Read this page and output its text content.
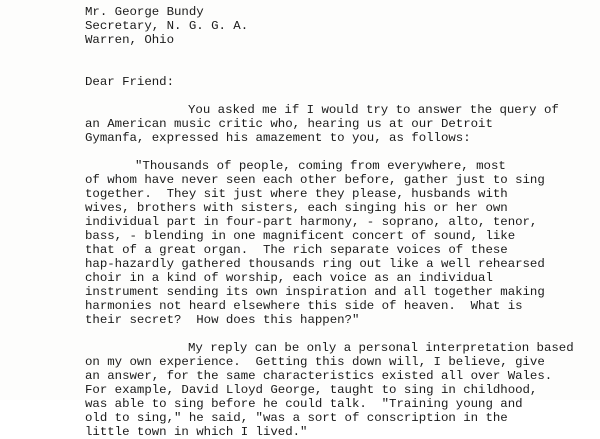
Mr. George Bundy
Secretary, N. G. G. A.
Warren, Ohio
Dear Friend:
You asked me if I would try to answer the query of
an American music critic who, hearing us at our Detroit
Gymanfa, expressed his amazement to you, as follows:
"Thousands of people, coming from everywhere, most
of whom have never seen each other before, gather just to sing
together.  They sit just where they please, husbands with
wives, brothers with sisters, each singing his or her own
individual part in four-part harmony, - soprano, alto, tenor,
bass, - blending in one magnificent concert of sound, like
that of a great organ.  The rich separate voices of these
hap-hazardly gathered thousands ring out like a well rehearsed
choir in a kind of worship, each voice as an individual
instrument sending its own inspiration and all together making
harmonies not heard elsewhere this side of heaven.  What is
their secret?  How does this happen?"
My reply can be only a personal interpretation based
on my own experience.  Getting this down will, I believe, give
an answer, for the same characteristics existed all over Wales.
For example, David Lloyd George, taught to sing in childhood,
was able to sing before he could talk.  "Training young and
old to sing," he said, "was a sort of conscription in the
little town in which I lived."
